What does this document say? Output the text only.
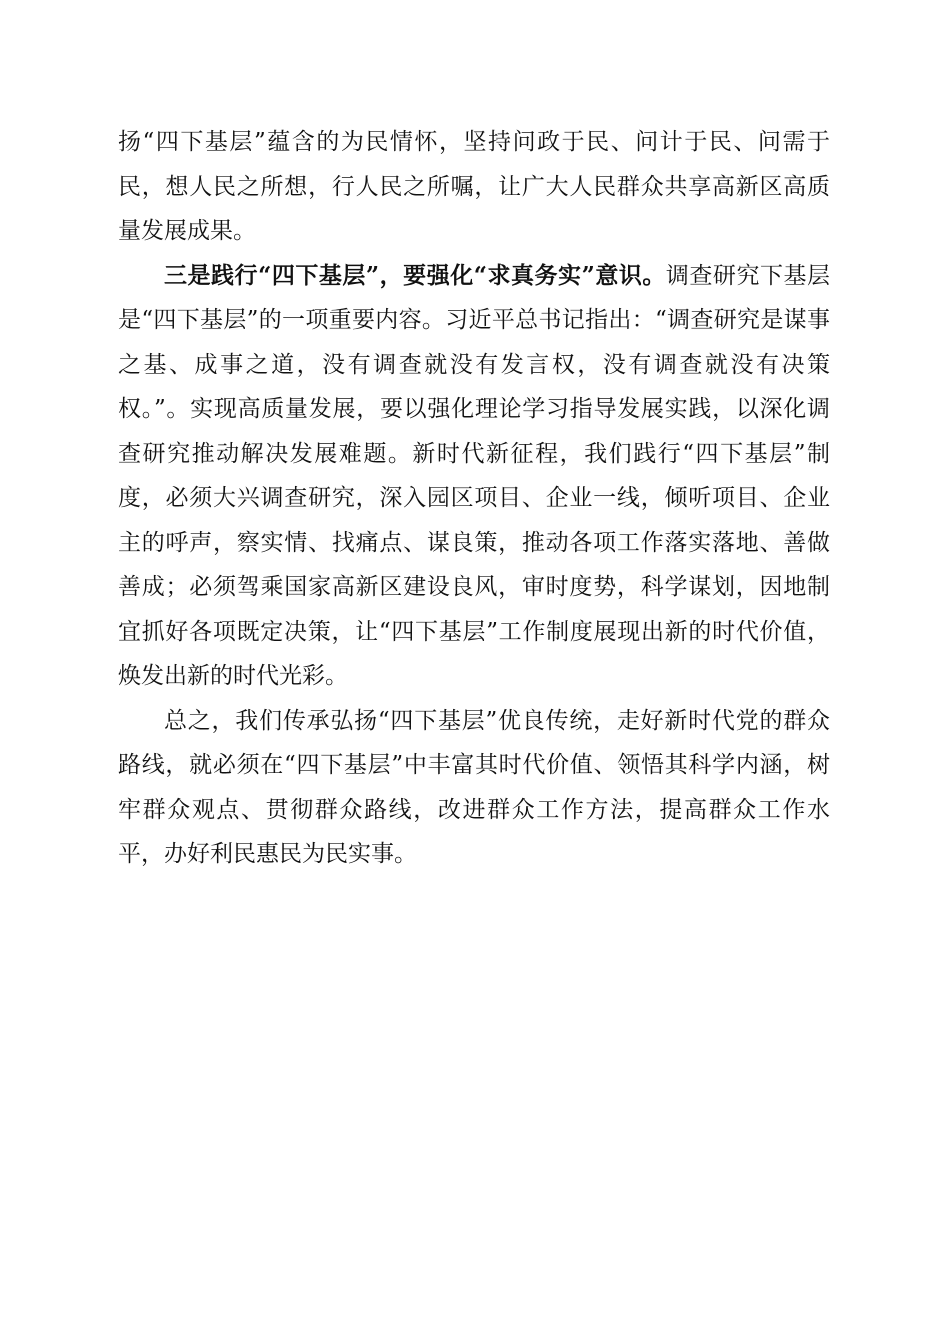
扬“四下基层”蕴含的为民情怀，坚持问政于民、问计于民、问需于民，想人民之所想，行人民之所嘱，让广大人民群众共享高新区高质量发展成果。

三是践行“四下基层”，要强化“求真务实”意识。调查研究下基层是“四下基层”的一项重要内容。习近平总书记指出：“调查研究是谋事之基、成事之道，没有调查就没有发言权，没有调查就没有决策权。”。实现高质量发展，要以强化理论学习指导发展实践，以深化调查研究推动解决发展难题。新时代新征程，我们践行“四下基层”制度，必须大兴调查研究，深入园区项目、企业一线，倾听项目、企业主的呼声，察实情、找痛点、谋良策，推动各项工作落实落地、善做善成；必须驾乘国家高新区建设良风，审时度势，科学谋划，因地制宜抓好各项既定决策，让“四下基层”工作制度展现出新的时代价值，焕发出新的时代光彩。

总之，我们传承弘扬“四下基层”优良传统，走好新时代党的群众路线，就必须在“四下基层”中丰富其时代价值、领悟其科学内涵，树牢群众观点、贯彻群众路线，改进群众工作方法，提高群众工作水平，办好利民惠民为民实事。
